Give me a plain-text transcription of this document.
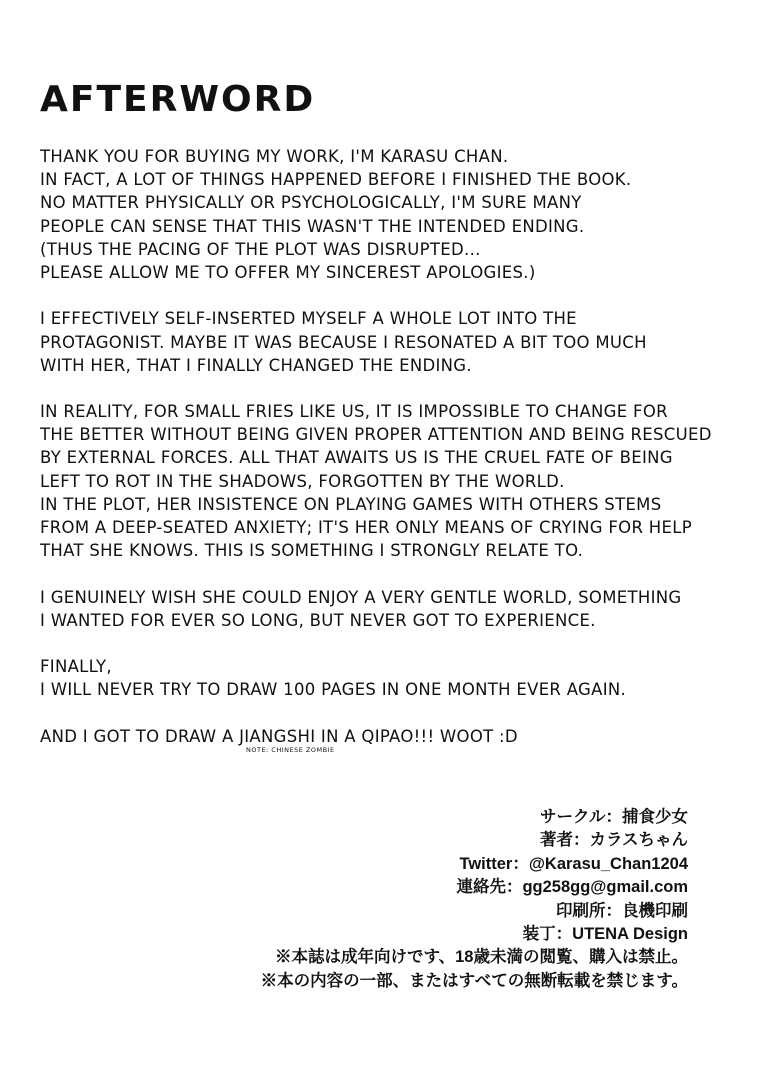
AFTERWORD
THANK YOU FOR BUYING MY WORK, I'M KARASU CHAN.
IN FACT, A LOT OF THINGS HAPPENED BEFORE I FINISHED THE BOOK.
NO MATTER PHYSICALLY OR PSYCHOLOGICALLY, I'M SURE MANY
PEOPLE CAN SENSE THAT THIS WASN'T THE INTENDED ENDING.
(THUS THE PACING OF THE PLOT WAS DISRUPTED...
PLEASE ALLOW ME TO OFFER MY SINCEREST APOLOGIES.)
I EFFECTIVELY SELF-INSERTED MYSELF A WHOLE LOT INTO THE
PROTAGONIST. MAYBE IT WAS BECAUSE I RESONATED A BIT TOO MUCH
WITH HER, THAT I FINALLY CHANGED THE ENDING.
IN REALITY, FOR SMALL FRIES LIKE US, IT IS IMPOSSIBLE TO CHANGE FOR
THE BETTER WITHOUT BEING GIVEN PROPER ATTENTION AND BEING RESCUED
BY EXTERNAL FORCES. ALL THAT AWAITS US IS THE CRUEL FATE OF BEING
LEFT TO ROT IN THE SHADOWS, FORGOTTEN BY THE WORLD.
IN THE PLOT, HER INSISTENCE ON PLAYING GAMES WITH OTHERS STEMS
FROM A DEEP-SEATED ANXIETY; IT'S HER ONLY MEANS OF CRYING FOR HELP
THAT SHE KNOWS. THIS IS SOMETHING I STRONGLY RELATE TO.
I GENUINELY WISH SHE COULD ENJOY A VERY GENTLE WORLD, SOMETHING
I WANTED FOR EVER SO LONG, BUT NEVER GOT TO EXPERIENCE.
FINALLY,
I WILL NEVER TRY TO DRAW 100 PAGES IN ONE MONTH EVER AGAIN.
AND I GOT TO DRAW A JIANGSHI IN A QIPAO!!! WOOT :D
NOTE: CHINESE ZOMBIE
サークル：捕食少女
著者：カラスちゃん
Twitter：@Karasu_Chan1204
連絡先：gg258gg@gmail.com
印刷所：良機印刷
装丁：UTENA Design
※本誌は成年向けです、18歳未満の閲覧、購入は禁止。
※本の内容の一部、またはすべての無断転載を禁じます。
